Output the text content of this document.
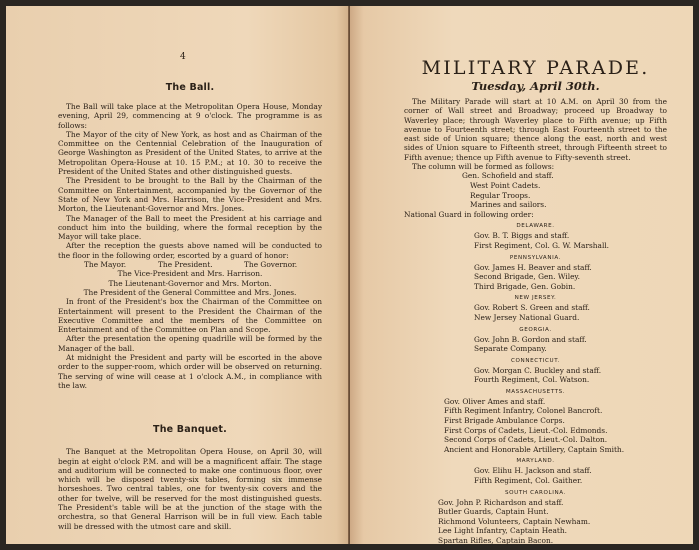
4

The Ball.

The Ball will take place at the Metropolitan Opera House, Monday evening, April 29, commencing at 9 o'clock. The programme is as follows:

The Mayor of the city of New York, as host and as Chairman of the Committee on the Centennial Celebration of the Inauguration of George Washington as President of the United States, to arrive at the Metropolitan Opera-House at 10. 15 P.M.; at 10. 30 to receive the President of the United States and other distinguished guests.

The President to be brought to the Ball by the Chairman of the Committee on Entertainment, accompanied by the Governor of the State of New York and Mrs. Harrison, the Vice-President and Mrs. Morton, the Lieutenant-Governor and Mrs. Jones.

The Manager of the Ball to meet the President at his carriage and conduct him into the building, where the formal reception by the Mayor will take place.

After the reception the guests above named will be conducted to the floor in the following order, escorted by a guard of honor:

The Mayor.	The President.	The Governor.

The Vice-President and Mrs. Harrison.

The Lieutenant-Governor and Mrs. Morton.

The President of the General Committee and Mrs. Jones.

In front of the President's box the Chairman of the Committee on Entertainment will present to the President the Chairman of the Executive Committee and the members of the Committee on Entertainment and of the Committee on Plan and Scope.

After the presentation the opening quadrille will be formed by the Manager of the ball.

At midnight the President and party will be escorted in the above order to the supper-room, which order will be observed on returning. The serving of wine will cease at 1 o'clock A.M., in compliance with the law.

The Banquet.

The Banquet at the Metropolitan Opera House, on April 30, will begin at eight o'clock P.M. and will be a magnificent affair. The stage and auditorium will be connected to make one continuous floor, over which will be disposed twenty-six tables, forming six immense horseshoes. Two central tables, one for twenty-six covers and the other for twelve, will be reserved for the most distinguished guests. The President's table will be at the junction of the stage with the orchestra, so that General Harrison will be in full view. Each table will be dressed with the utmost care and skill.

MILITARY PARADE.
Tuesday, April 30th.

The Military Parade will start at 10 A.M. on April 30 from the corner of Wall street and Broadway; proceed up Broadway to Waverley place; through Waverley place to Fifth avenue; up Fifth avenue to Fourteenth street; through East Fourteenth street to the east side of Union square; thence along the east, north and west sides of Union square to Fifteenth street, through Fifteenth street to Fifth avenue; thence up Fifth avenue to Fifty-seventh street.

The column will be formed as follows:

Gen. Schofield and staff.

West Point Cadets.

Regular Troops.

Marines and sailors.

National Guard in following order:

DELAWARE.

Gov. B. T. Biggs and staff.

First Regiment, Col. G. W. Marshall.

PENNSYLVANIA.

Gov. James H. Beaver and staff.

Second Brigade, Gen. Wiley.

Third Brigade, Gen. Gobin.

NEW JERSEY.

Gov. Robert S. Green and staff.

New Jersey National Guard.

GEORGIA.

Gov. John B. Gordon and staff.

Separate Company.

CONNECTICUT.

Gov. Morgan C. Buckley and staff.

Fourth Regiment, Col. Watson.

MASSACHUSETTS.

Gov. Oliver Ames and staff.

Fifth Regiment Infantry, Colonel Bancroft.

First Brigade Ambulance Corps.

First Corps of Cadets, Lieut.-Col. Edmonds.

Second Corps of Cadets, Lieut.-Col. Dalton.

Ancient and Honorable Artillery, Captain Smith.

MARYLAND.

Gov. Elihu H. Jackson and staff.

Fifth Regiment, Col. Gaither.

SOUTH CAROLINA.

Gov. John P. Richardson and staff.

Butler Guards, Captain Hunt.

Richmond Volunteers, Captain Newham.

Lee Light Infantry, Captain Heath.

Spartan Rifles, Captain Bacon.
